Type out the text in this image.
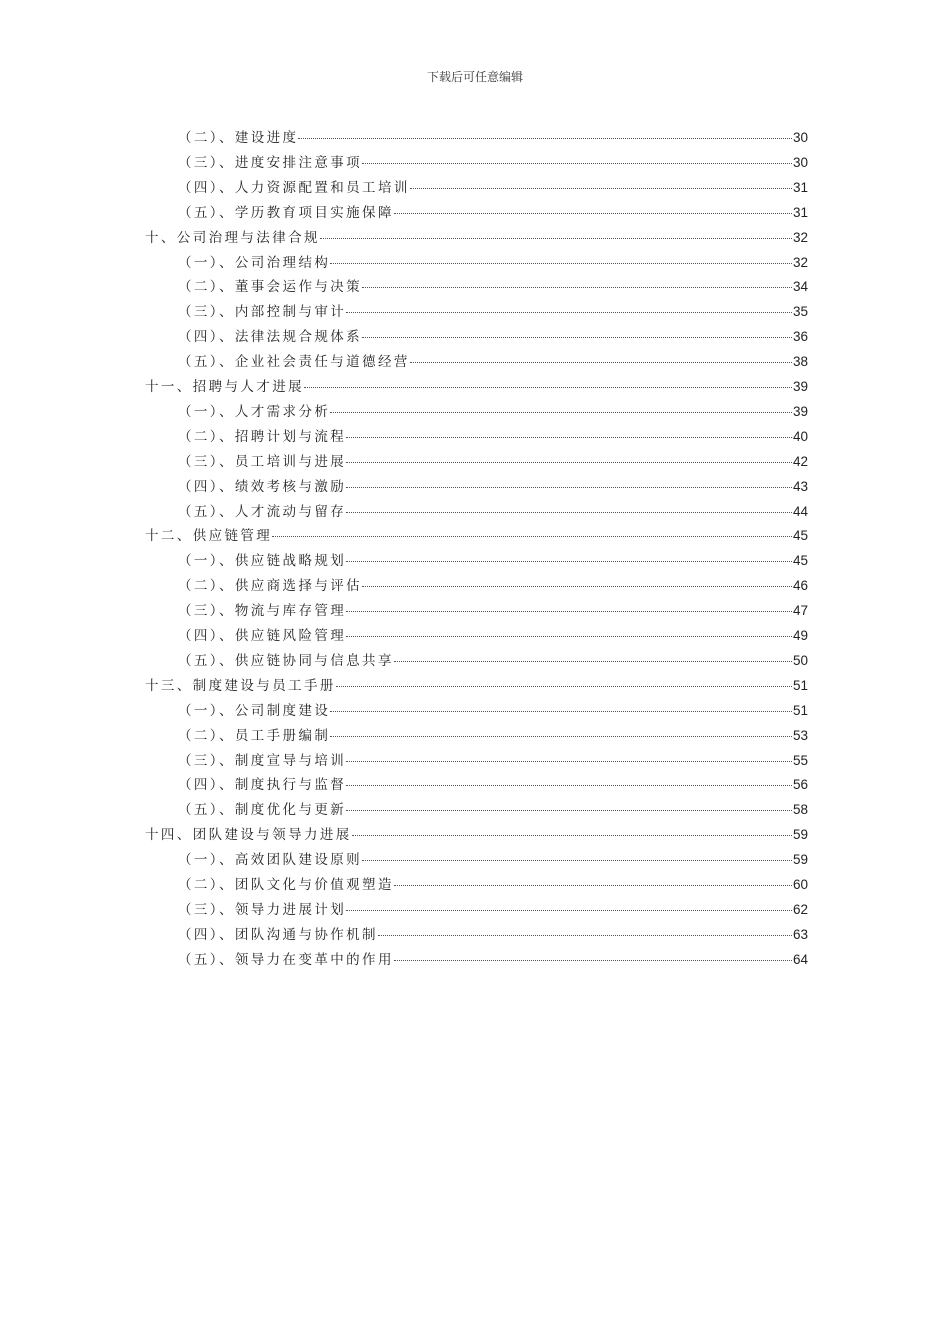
下载后可任意编辑
（二）、建设进度	30
（三）、进度安排注意事项	30
（四）、人力资源配置和员工培训	31
（五）、学历教育项目实施保障	31
十、公司治理与法律合规	32
（一）、公司治理结构	32
（二）、董事会运作与决策	34
（三）、内部控制与审计	35
（四）、法律法规合规体系	36
（五）、企业社会责任与道德经营	38
十一、招聘与人才进展	39
（一）、人才需求分析	39
（二）、招聘计划与流程	40
（三）、员工培训与进展	42
（四）、绩效考核与激励	43
（五）、人才流动与留存	44
十二、供应链管理	45
（一）、供应链战略规划	45
（二）、供应商选择与评估	46
（三）、物流与库存管理	47
（四）、供应链风险管理	49
（五）、供应链协同与信息共享	50
十三、制度建设与员工手册	51
（一）、公司制度建设	51
（二）、员工手册编制	53
（三）、制度宣导与培训	55
（四）、制度执行与监督	56
（五）、制度优化与更新	58
十四、团队建设与领导力进展	59
（一）、高效团队建设原则	59
（二）、团队文化与价值观塑造	60
（三）、领导力进展计划	62
（四）、团队沟通与协作机制	63
（五）、领导力在变革中的作用	64
